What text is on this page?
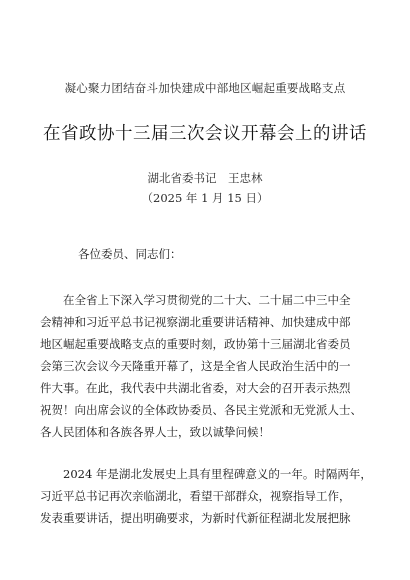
凝心聚力团结奋斗加快建成中部地区崛起重要战略支点
在省政协十三届三次会议开幕会上的讲话
湖北省委书记　王忠林
（2025 年 1 月 15 日）
各位委员、同志们：
在全省上下深入学习贯彻党的二十大、二十届二中三中全
会精神和习近平总书记视察湖北重要讲话精神、加快建成中部
地区崛起重要战略支点的重要时刻，政协第十三届湖北省委员
会第三次会议今天隆重开幕了，这是全省人民政治生活中的一
件大事。在此，我代表中共湖北省委，对大会的召开表示热烈
祝贺！向出席会议的全体政协委员、各民主党派和无党派人士、
各人民团体和各族各界人士，致以诚挚问候！
2024 年是湖北发展史上具有里程碑意义的一年。时隔两年，
习近平总书记再次亲临湖北，看望干部群众，视察指导工作，
发表重要讲话，提出明确要求，为新时代新征程湖北发展把脉
